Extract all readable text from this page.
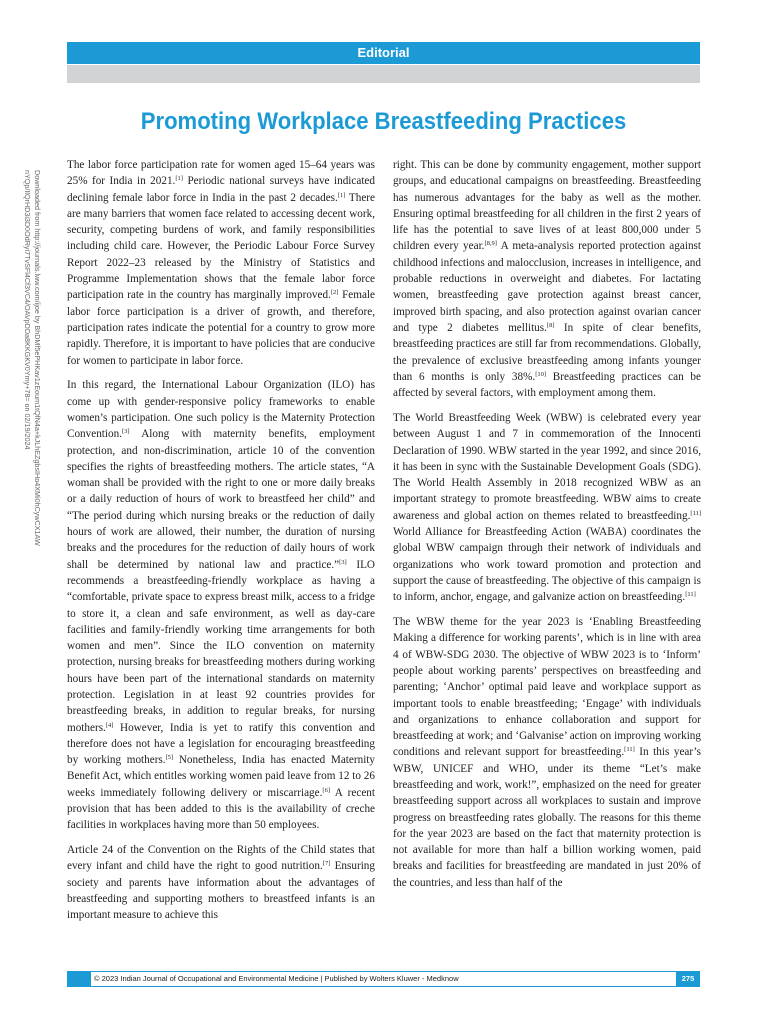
Editorial
Promoting Workplace Breastfeeding Practices
Downloaded from http://journals.lww.com/ijoe by BhDMf5ePHKav1zEoum1tQfN4a+kJLhEZgbsIHo4XMi0hCywCX1AW
nYQp/IlQrHD3i3D0OdRyi7TvSFl4Cf3VC4/OAVpDDa8KKGKV0Ymy+78= on 02/19/2024

The labor force participation rate for women aged 15–64 years was 25% for India in 2021.[1] Periodic national surveys have indicated declining female labor force in India in the past 2 decades.[1] There are many barriers that women face related to accessing decent work, security, competing burdens of work, and family responsibilities including child care. However, the Periodic Labour Force Survey Report 2022–23 released by the Ministry of Statistics and Programme Implementation shows that the female labor force participation rate in the country has marginally improved.[2] Female labor force participation is a driver of growth, and therefore, participation rates indicate the potential for a country to grow more rapidly. Therefore, it is important to have policies that are conducive for women to participate in labor force.

In this regard, the International Labour Organization (ILO) has come up with gender-responsive policy frameworks to enable women’s participation. One such policy is the Maternity Protection Convention.[3] Along with maternity benefits, employment protection, and non-discrimination, article 10 of the convention specifies the rights of breastfeeding mothers. The article states, “A woman shall be provided with the right to one or more daily breaks or a daily reduction of hours of work to breastfeed her child” and “The period during which nursing breaks or the reduction of daily hours of work are allowed, their number, the duration of nursing breaks and the procedures for the reduction of daily hours of work shall be determined by national law and practice.”[3] ILO recommends a breastfeeding-friendly workplace as having a “comfortable, private space to express breast milk, access to a fridge to store it, a clean and safe environment, as well as day-care facilities and family-friendly working time arrangements for both women and men”. Since the ILO convention on maternity protection, nursing breaks for breastfeeding mothers during working hours have been part of the international standards on maternity protection. Legislation in at least 92 countries provides for breastfeeding breaks, in addition to regular breaks, for nursing mothers.[4] However, India is yet to ratify this convention and therefore does not have a legislation for encouraging breastfeeding by working mothers.[5] Nonetheless, India has enacted Maternity Benefit Act, which entitles working women paid leave from 12 to 26 weeks immediately following delivery or miscarriage.[6] A recent provision that has been added to this is the availability of creche facilities in workplaces having more than 50 employees.

Article 24 of the Convention on the Rights of the Child states that every infant and child have the right to good nutrition.[7] Ensuring society and parents have information about the advantages of breastfeeding and supporting mothers to breastfeed infants is an important measure to achieve this

right. This can be done by community engagement, mother support groups, and educational campaigns on breastfeeding. Breastfeeding has numerous advantages for the baby as well as the mother. Ensuring optimal breastfeeding for all children in the first 2 years of life has the potential to save lives of at least 800,000 under 5 children every year.[8,9] A meta-analysis reported protection against childhood infections and malocclusion, increases in intelligence, and probable reductions in overweight and diabetes. For lactating women, breastfeeding gave protection against breast cancer, improved birth spacing, and also protection against ovarian cancer and type 2 diabetes mellitus.[8] In spite of clear benefits, breastfeeding practices are still far from recommendations. Globally, the prevalence of exclusive breastfeeding among infants younger than 6 months is only 38%.[10] Breastfeeding practices can be affected by several factors, with employment among them.

The World Breastfeeding Week (WBW) is celebrated every year between August 1 and 7 in commemoration of the Innocenti Declaration of 1990. WBW started in the year 1992, and since 2016, it has been in sync with the Sustainable Development Goals (SDG). The World Health Assembly in 2018 recognized WBW as an important strategy to promote breastfeeding. WBW aims to create awareness and global action on themes related to breastfeeding.[11] World Alliance for Breastfeeding Action (WABA) coordinates the global WBW campaign through their network of individuals and organizations who work toward promotion and protection and support the cause of breastfeeding. The objective of this campaign is to inform, anchor, engage, and galvanize action on breastfeeding.[11]

The WBW theme for the year 2023 is ‘Enabling Breastfeeding Making a difference for working parents’, which is in line with area 4 of WBW-SDG 2030. The objective of WBW 2023 is to ‘Inform’ people about working parents’ perspectives on breastfeeding and parenting; ‘Anchor’ optimal paid leave and workplace support as important tools to enable breastfeeding; ‘Engage’ with individuals and organizations to enhance collaboration and support for breastfeeding at work; and ‘Galvanise’ action on improving working conditions and relevant support for breastfeeding.[11] In this year’s WBW, UNICEF and WHO, under its theme “Let’s make breastfeeding and work, work!”, emphasized on the need for greater breastfeeding support across all workplaces to sustain and improve progress on breastfeeding rates globally. The reasons for this theme for the year 2023 are based on the fact that maternity protection is not available for more than half a billion working women, paid breaks and facilities for breastfeeding are mandated in just 20% of the countries, and less than half of the

© 2023 Indian Journal of Occupational and Environmental Medicine | Published by Wolters Kluwer - Medknow	275
